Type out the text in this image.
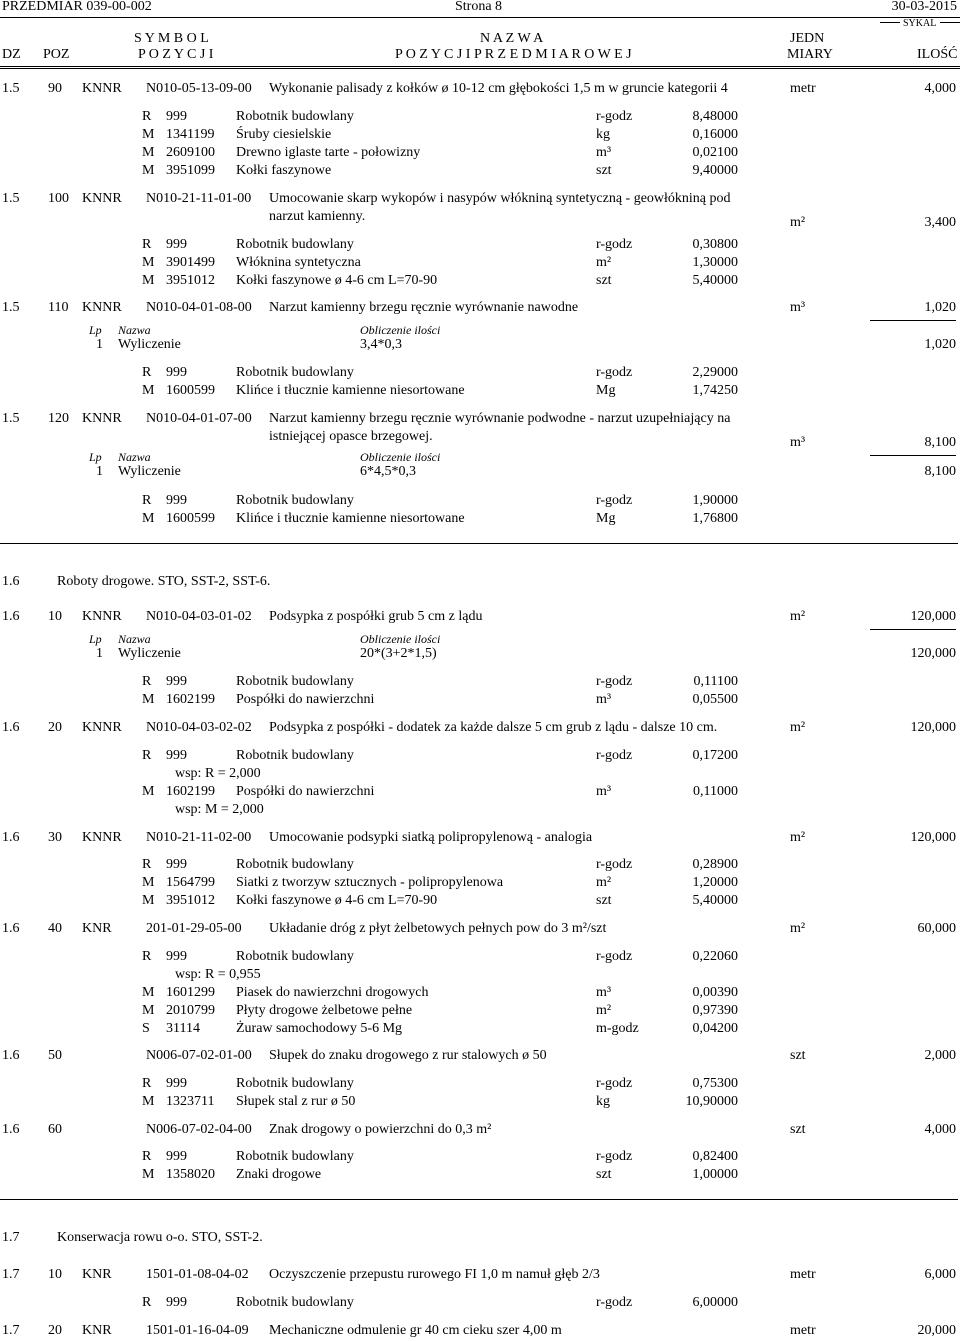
PRZEDMIAR 039-00-002	Strona 8	30-03-2015
SYKAL
S Y M B O L
DZ POZ	P O Z Y C J I
N A Z W A
P O Z Y C J I P R Z E D M I A R O W E J
JEDN
MIARY	ILOŚĆ
1.5 90 KNNR N010-05-13-09-00 Wykonanie palisady z kołków ø 10-12 cm głębokości 1,5 m w gruncie kategorii 4	metr	4,000
R 999	Robotnik budowlany	r-godz	8,48000
M 1341199 Śruby ciesielskie	kg	0,16000
M 2609100 Drewno iglaste tarte - połowizny	m³	0,02100
M 3951099 Kołki faszynowe	szt	9,40000
1.5 100 KNNR N010-21-11-01-00 Umocowanie skarp wykopów i nasypów włókniną syntetyczną - geowłókniną pod
narzut kamienny.	m²	3,400
R 999	Robotnik budowlany	r-godz	0,30800
M 3901499 Włóknina syntetyczna	m²	1,30000
M 3951012 Kołki faszynowe ø 4-6 cm L=70-90	szt	5,40000
1.5 110 KNNR N010-04-01-08-00 Narzut kamienny brzegu ręcznie wyrównanie nawodne	m³	1,020
Lp Nazwa	Obliczenie ilości
1 Wyliczenie	3,4*0,3	1,020
R 999	Robotnik budowlany	r-godz	2,29000
M 1600599 Klińce i tłucznie kamienne niesortowane	Mg	1,74250
1.5 120 KNNR N010-04-01-07-00 Narzut kamienny brzegu ręcznie wyrównanie podwodne - narzut uzupełniający na
istniejącej opasce brzegowej.	m³	8,100
Lp Nazwa	Obliczenie ilości
1 Wyliczenie	6*4,5*0,3	8,100
R 999	Robotnik budowlany	r-godz	1,90000
M 1600599 Klińce i tłucznie kamienne niesortowane	Mg	1,76800
1.6	Roboty drogowe. STO, SST-2, SST-6.
1.6 10 KNNR N010-04-03-01-02 Podsypka z pospółki grub 5 cm z lądu	m²	120,000
Lp Nazwa	Obliczenie ilości
1 Wyliczenie	20*(3+2*1,5)	120,000
R 999	Robotnik budowlany	r-godz	0,11100
M 1602199 Pospółki do nawierzchni	m³	0,05500
1.6 20 KNNR N010-04-03-02-02 Podsypka z pospółki - dodatek za każde dalsze 5 cm grub z lądu - dalsze 10 cm.	m²	120,000
R 999	Robotnik budowlany	r-godz	0,17200
wsp: R = 2,000
M 1602199 Pospółki do nawierzchni	m³	0,11000
wsp: M = 2,000
1.6 30 KNNR N010-21-11-02-00 Umocowanie podsypki siatką polipropylenową - analogia	m²	120,000
R 999	Robotnik budowlany	r-godz	0,28900
M 1564799 Siatki z tworzyw sztucznych - polipropylenowa	m²	1,20000
M 3951012 Kołki faszynowe ø 4-6 cm L=70-90	szt	5,40000
1.6 40 KNR 201-01-29-05-00 Układanie dróg z płyt żelbetowych pełnych pow do 3 m²/szt	m²	60,000
R 999	Robotnik budowlany	r-godz	0,22060
wsp: R = 0,955
M 1601299 Piasek do nawierzchni drogowych	m³	0,00390
M 2010799 Płyty drogowe żelbetowe pełne	m²	0,97390
S 31114	Żuraw samochodowy 5-6 Mg	m-godz	0,04200
1.6 50	N006-07-02-01-00 Słupek do znaku drogowego z rur stalowych ø 50	szt	2,000
R 999	Robotnik budowlany	r-godz	0,75300
M 1323711 Słupek stal z rur ø 50	kg	10,90000
1.6 60	N006-07-02-04-00 Znak drogowy o powierzchni do 0,3 m²	szt	4,000
R 999	Robotnik budowlany	r-godz	0,82400
M 1358020 Znaki drogowe	szt	1,00000
1.7	Konserwacja rowu o-o. STO, SST-2.
1.7 10 KNR 1501-01-08-04-02 Oczyszczenie przepustu rurowego FI 1,0 m namuł głęb 2/3	metr	6,000
R 999	Robotnik budowlany	r-godz	6,00000
1.7 20 KNR 1501-01-16-04-09 Mechaniczne odmulenie gr 40 cm cieku szer 4,00 m	metr	20,000
